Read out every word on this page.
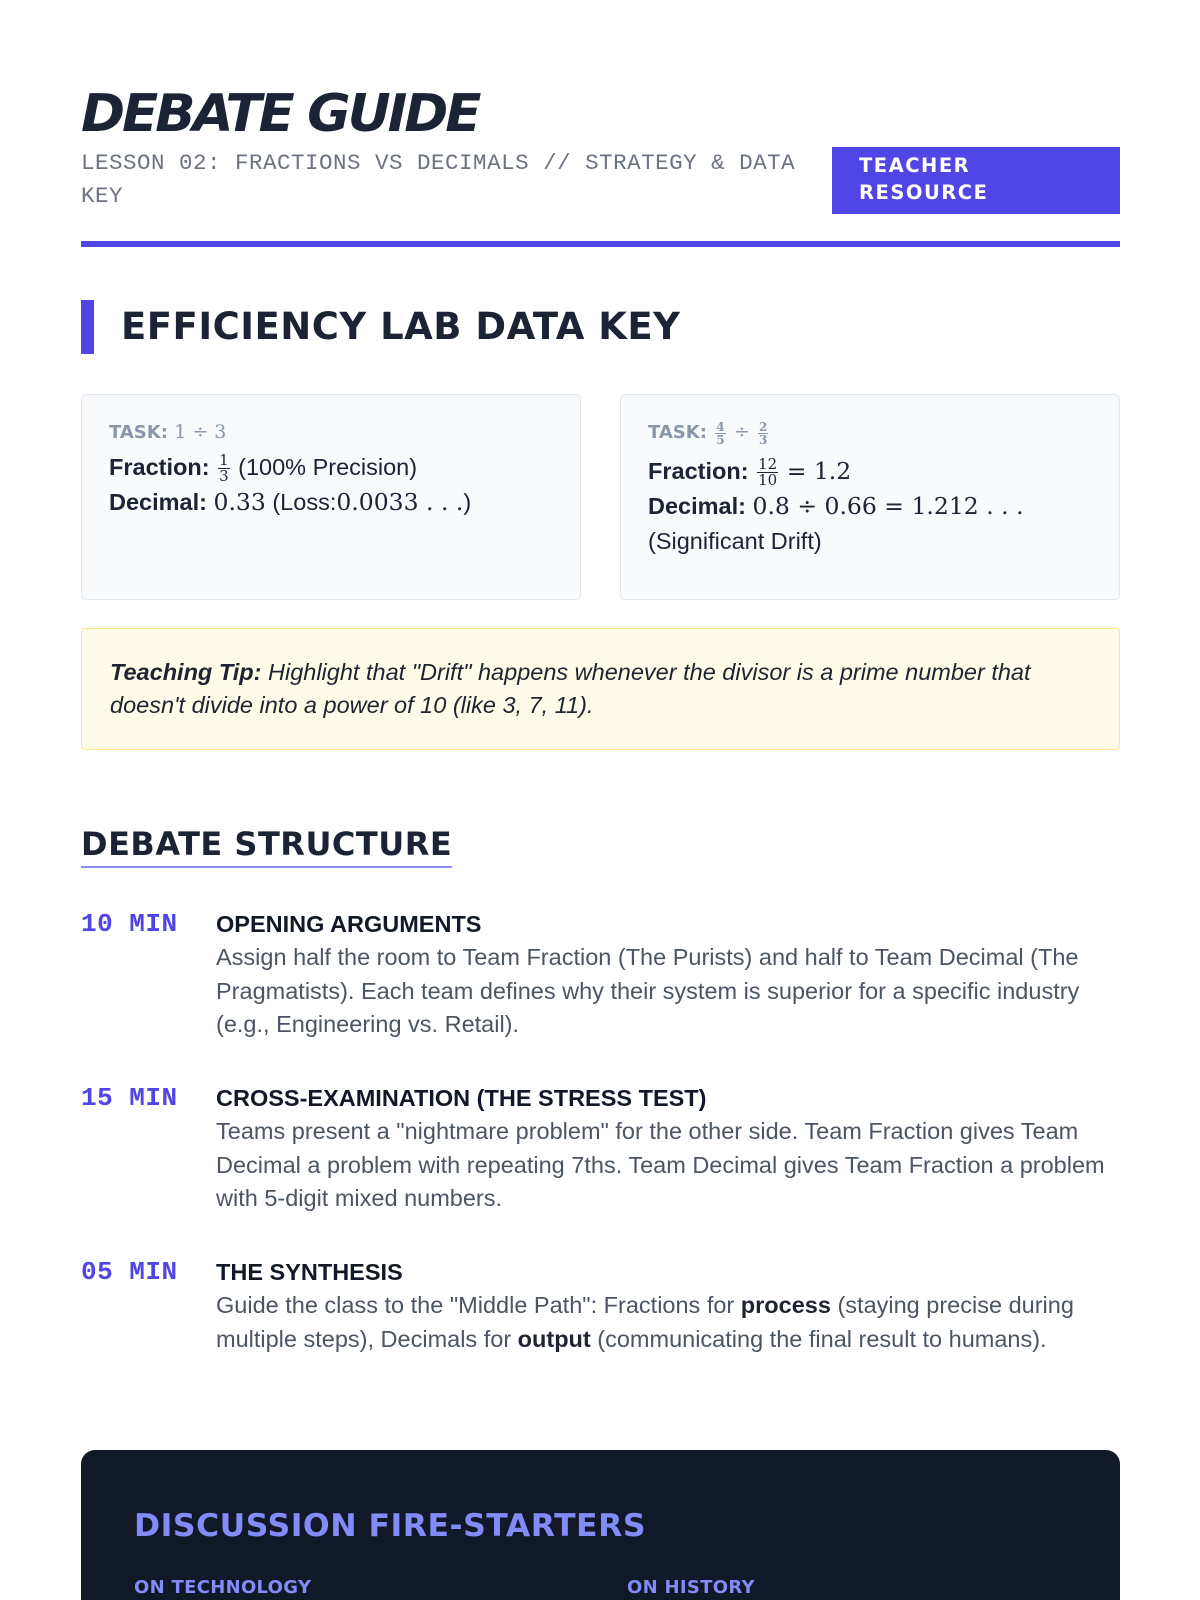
DEBATE GUIDE
LESSON 02: FRACTIONS VS DECIMALS // STRATEGY & DATA KEY
TEACHER RESOURCE
EFFICIENCY LAB DATA KEY
TASK: 1 ÷ 3
Fraction: $\frac{1}{3} (100\%$ Precision)
Decimal: 0.33 (Loss:0.0033 . . .)
TASK: $\frac{4}{5} \div \frac{2}{3}$
Fraction: $\frac{12}{10} = 1.2$
Decimal: 0.8 ÷ 0.66 = 1.212 . . .
(Significant Drift)
Teaching Tip: Highlight that "Drift" happens whenever the divisor is a prime number that doesn't divide into a power of 10 (like 3, 7, 11).
DEBATE STRUCTURE
10 MIN OPENING ARGUMENTS
Assign half the room to Team Fraction (The Purists) and half to Team Decimal (The Pragmatists). Each team defines why their system is superior for a specific industry (e.g., Engineering vs. Retail).
15 MIN CROSS-EXAMINATION (THE STRESS TEST)
Teams present a "nightmare problem" for the other side. Team Fraction gives Team Decimal a problem with repeating 7ths. Team Decimal gives Team Fraction a problem with 5-digit mixed numbers.
05 MIN THE SYNTHESIS
Guide the class to the "Middle Path": Fractions for process (staying precise during multiple steps), Decimals for output (communicating the final result to humans).
DISCUSSION FIRE-STARTERS
ON TECHNOLOGY	ON HISTORY
